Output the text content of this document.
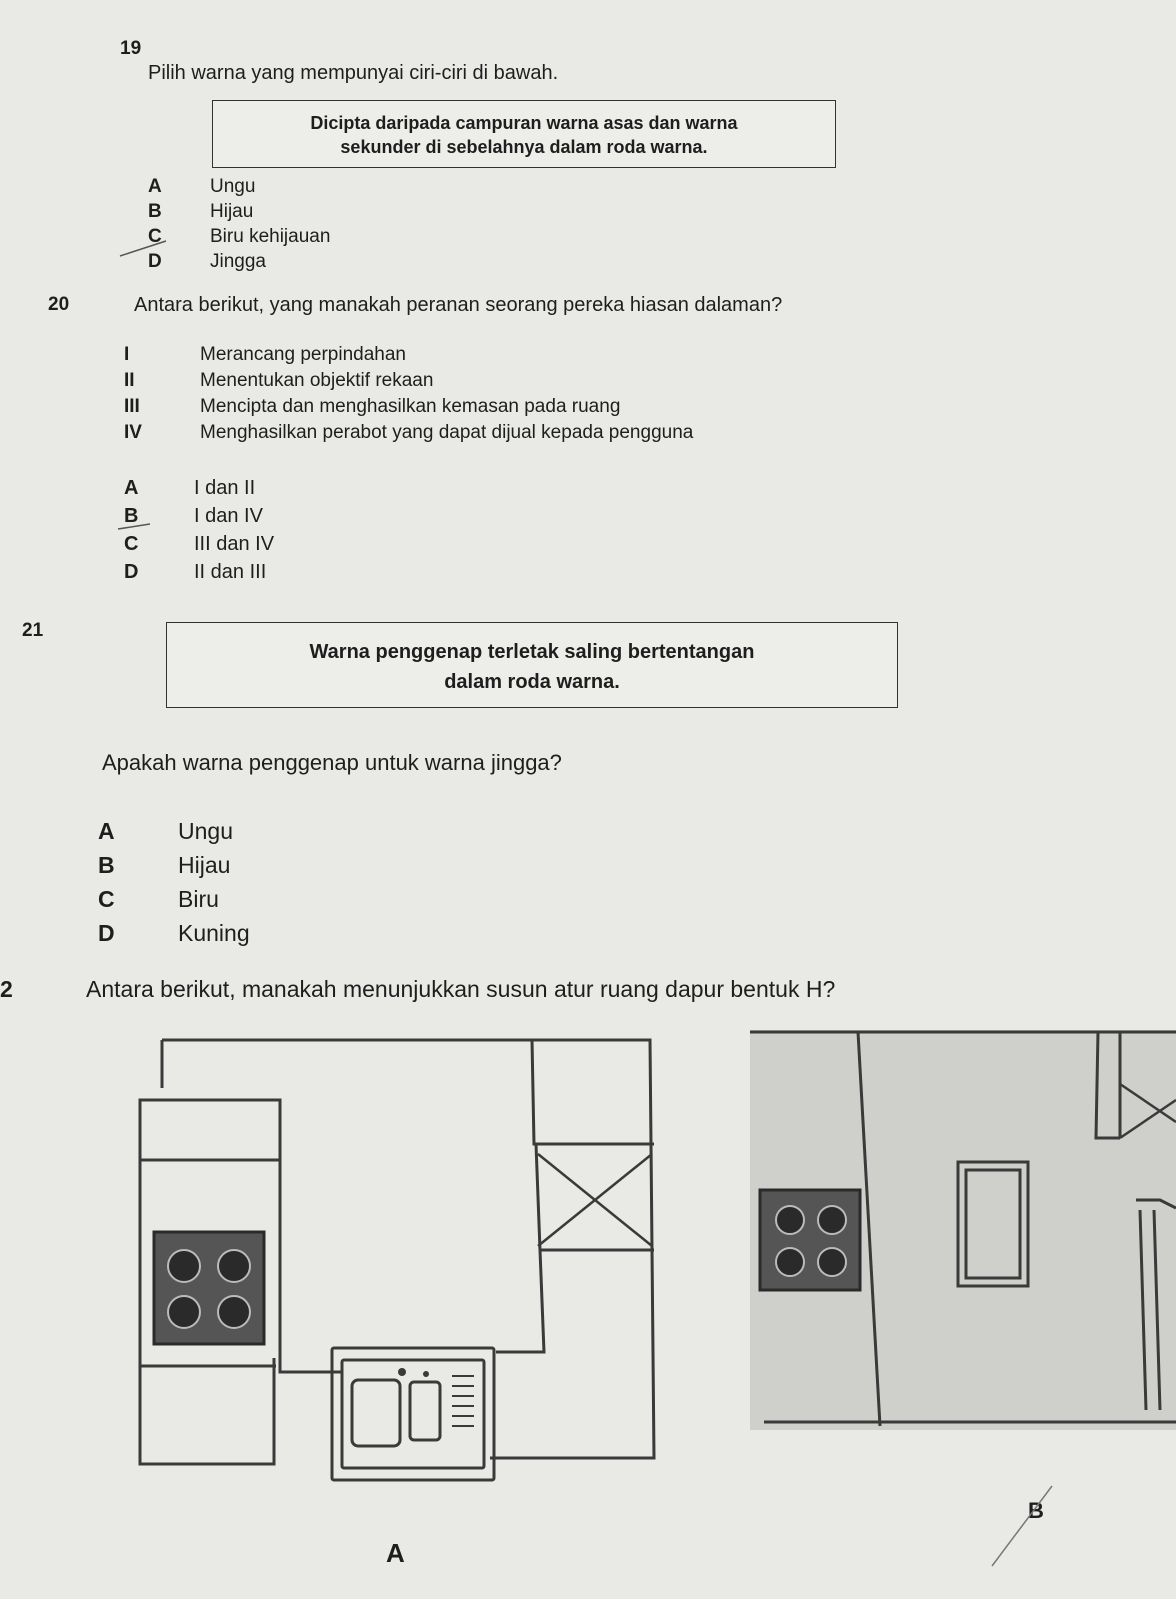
19
Pilih warna yang mempunyai ciri-ciri di bawah.
Dicipta daripada campuran warna asas dan warna
sekunder di sebelahnya dalam roda warna.
A	Ungu
B	Hijau
C	Biru kehijauan
D	Jingga
20	Antara berikut, yang manakah peranan seorang pereka hiasan dalaman?
I	Merancang perpindahan
II	Menentukan objektif rekaan
III	Mencipta dan menghasilkan kemasan pada ruang
IV	Menghasilkan perabot yang dapat dijual kepada pengguna
A	I dan II
B	I dan IV
C	III dan IV
D	II dan III
21
Warna penggenap terletak saling bertentangan
dalam roda warna.
Apakah warna penggenap untuk warna jingga?
A	Ungu
B	Hijau
C	Biru
D	Kuning
2	Antara berikut, manakah menunjukkan susun atur ruang dapur bentuk H?
A
B
